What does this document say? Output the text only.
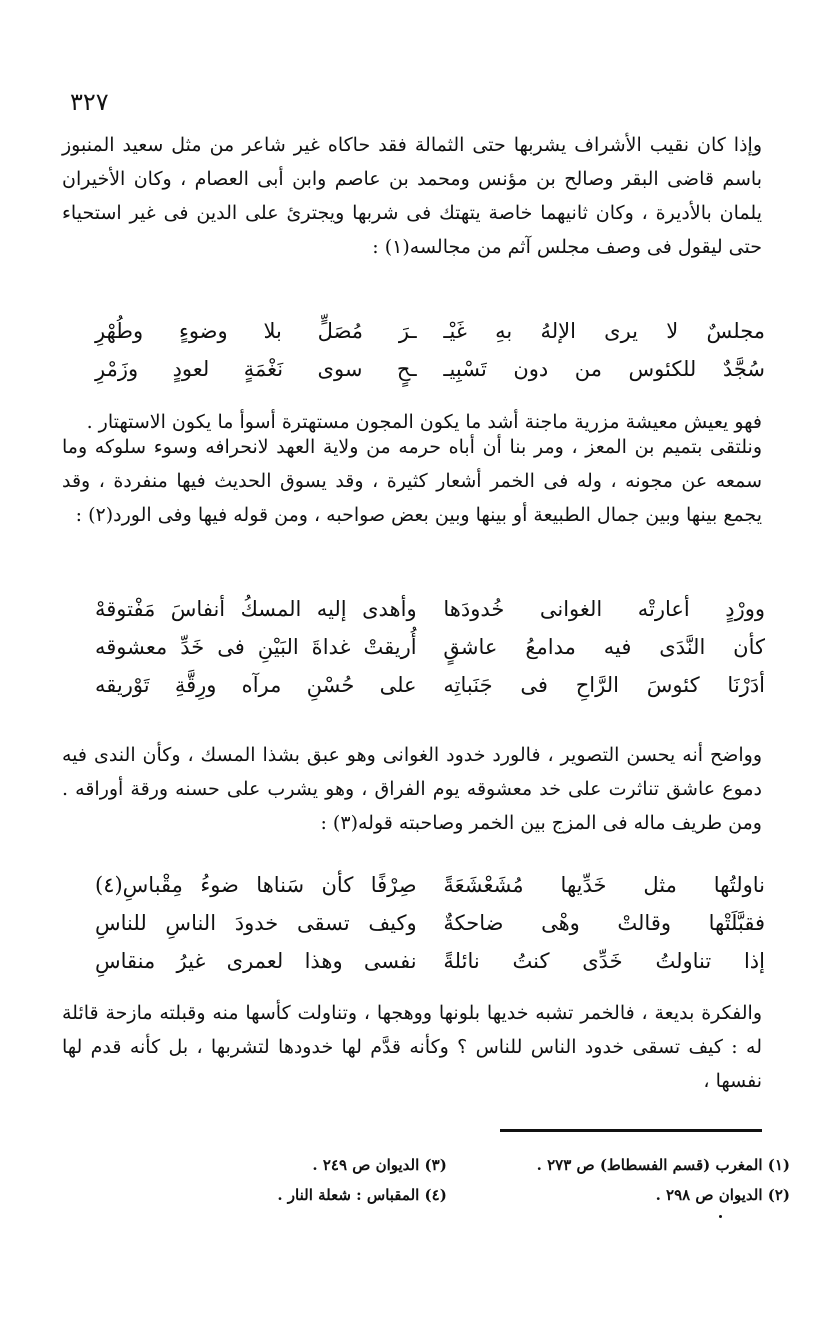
٣٢٧
وإذا كان نقيب الأشراف يشربها حتى الثمالة فقد حاكاه غير شاعر من مثل سعيد المنبوز باسم قاضى البقر وصالح بن مؤنس ومحمد بن عاصم وابن أبى العصام ، وكان الأخيران يلمان بالأديرة ، وكان ثانيهما خاصة يتهتك فى شربها ويجترئ على الدين فى غير استحياء حتى ليقول فى وصف مجلس آثم من مجالسه(١) :
مجلسٌ لا يرى الإلهُ بهِ غَيْـ
ـرَ مُصَلٍّ بلا وضوءٍ وطُهْرِ
سُجَّدٌ للكئوس من دون تَسْبِيـ
ـحٍ سوى نَغْمَةٍ لعودٍ وزَمْرِ
فهو يعيش معيشة مزرية ماجنة أشد ما يكون المجون مستهترة أسوأ ما يكون الاستهتار .
ونلتقى بتميم بن المعز ، ومر بنا أن أباه حرمه من ولاية العهد لانحرافه وسوء سلوكه وما سمعه عن مجونه ، وله فى الخمر أشعار كثيرة ، وقد يسوق الحديث فيها منفردة ، وقد يجمع بينها وبين جمال الطبيعة أو بينها وبين بعض صواحبه ، ومن قوله فيها وفى الورد(٢) :
وورْدٍ أعارتْه الغوانى خُدودَها
وأهدى إليه المسكُ أنفاسَ مَفْتوقهْ
كأن النَّدَى فيه مدامعُ عاشقٍ
أُريقتْ غداةَ البَيْنِ فى خَدِّ معشوقه
أدَرْنَا كئوسَ الرَّاحِ فى جَنَباتِه
على حُسْنِ مرآه ورِقَّةِ تَوْريقه
وواضح أنه يحسن التصوير ، فالورد خدود الغوانى وهو عبق بشذا المسك ، وكأن الندى فيه دموع عاشق تناثرت على خد معشوقه يوم الفراق ، وهو يشرب على حسنه ورقة أوراقه . ومن طريف ماله فى المزج بين الخمر وصاحبته قوله(٣) :
ناولتُها مثل خَدِّيها مُشَعْشَعَةً
صِرْفًا كأن سَناها ضوءُ مِقْباسِ(٤)
فقبَّلَتْها وقالتْ وهْى ضاحكةٌ
وكيف تسقى خدودَ الناسِ للناسِ
إذا تناولتُ خَدِّى كنتُ نائلةً
نفسى وهذا لعمرى غيرُ منقاسِ
والفكرة بديعة ، فالخمر تشبه خديها بلونها ووهجها ، وتناولت كأسها منه وقبلته مازحة قائلة له : كيف تسقى خدود الناس للناس ؟ وكأنه قدَّم لها خدودها لتشربها ، بل كأنه قدم لها نفسها ،
(١) المغرب (قسم الفسطاط) ص ٢٧٣ .
(٣) الديوان ص ٢٤٩ .
(٢) الديوان ص ٢٩٨ .
(٤) المقباس : شعلة النار .
